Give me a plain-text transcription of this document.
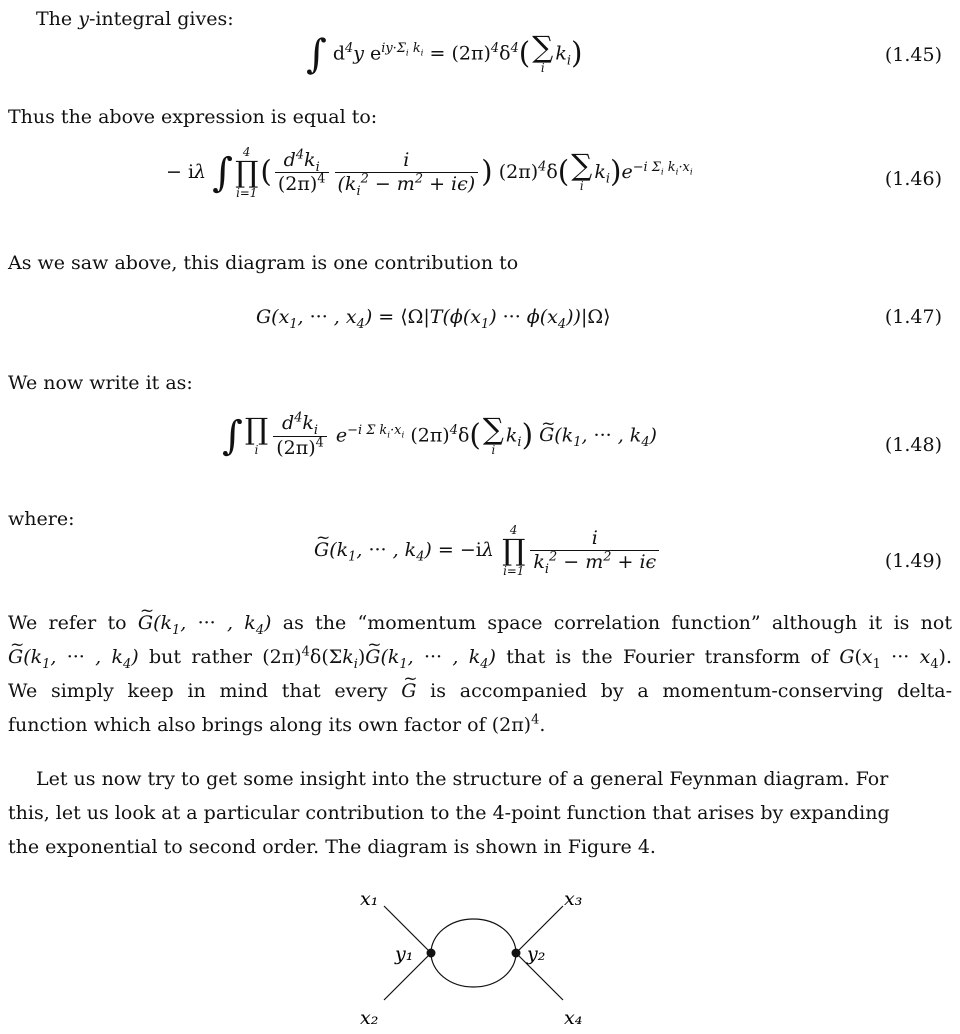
The y-integral gives:
∫ $d^4y$ $e^{iy\cdot\Sigma_i k_i} = (2\pi)^4\delta^4$( ∑
i
$k_i$)	(1.45)
Thus the above expression is equal to:
− iλ ∫ 4
∏
i=1
( $\frac{d^4k_i}{(2\pi)^4} \frac{i}{(k_i^2 - m^2 + i\epsilon)}$ ) $(2\pi)^4\delta$( ∑
i
$k_i)e^{-i \Sigma_i k_i\cdot x_i}$	(1.46)
As we saw above, this diagram is one contribution to
$G(x_1$, ··· , $x_4$) = $⟨\Omega|T(\phi(x_1)$ ··· $\phi(x_4))|\Omega⟩$	(1.47)
We now write it as:
∫ ∏
i $\frac{d^4k_i}{(2\pi)^4} e^{-i \Sigma k_i\cdot x_i}$ $(2\pi)^4\delta$( ∑
i
$k_i$) ~ $G(k_1$, ··· , $k_4$)	(1.48)
where:
~ $G(k_1$, ··· , $k_4) = -i\lambda$
4
∏
$i=1 \frac{i}{k_i^2 - m^2 + i\epsilon}$	(1.49)
We refer to ~ $G(k_1$, ··· , $k_4$) as the “momentum space correlation function” although it is not
~ $G(k_1$, ··· , $k_4$) but rather $(2\pi)^4\delta(\Sigma k_i)\sim$ $G(k_1$, ··· , $k_4$) that is the Fourier transform of $G(x_1$ ··· $x_4$).
We simply keep in mind that every ~ G is accompanied by a momentum-conserving delta-
function which also brings along its own factor of $(2\pi)^4$.
Let us now try to get some insight into the structure of a general Feynman diagram. For
this, let us look at a particular contribution to the 4-point function that arises by expanding
the exponential to second order. The diagram is shown in Figure 4.
x₁
x₂
x₃
x₄
y₁	y₂
